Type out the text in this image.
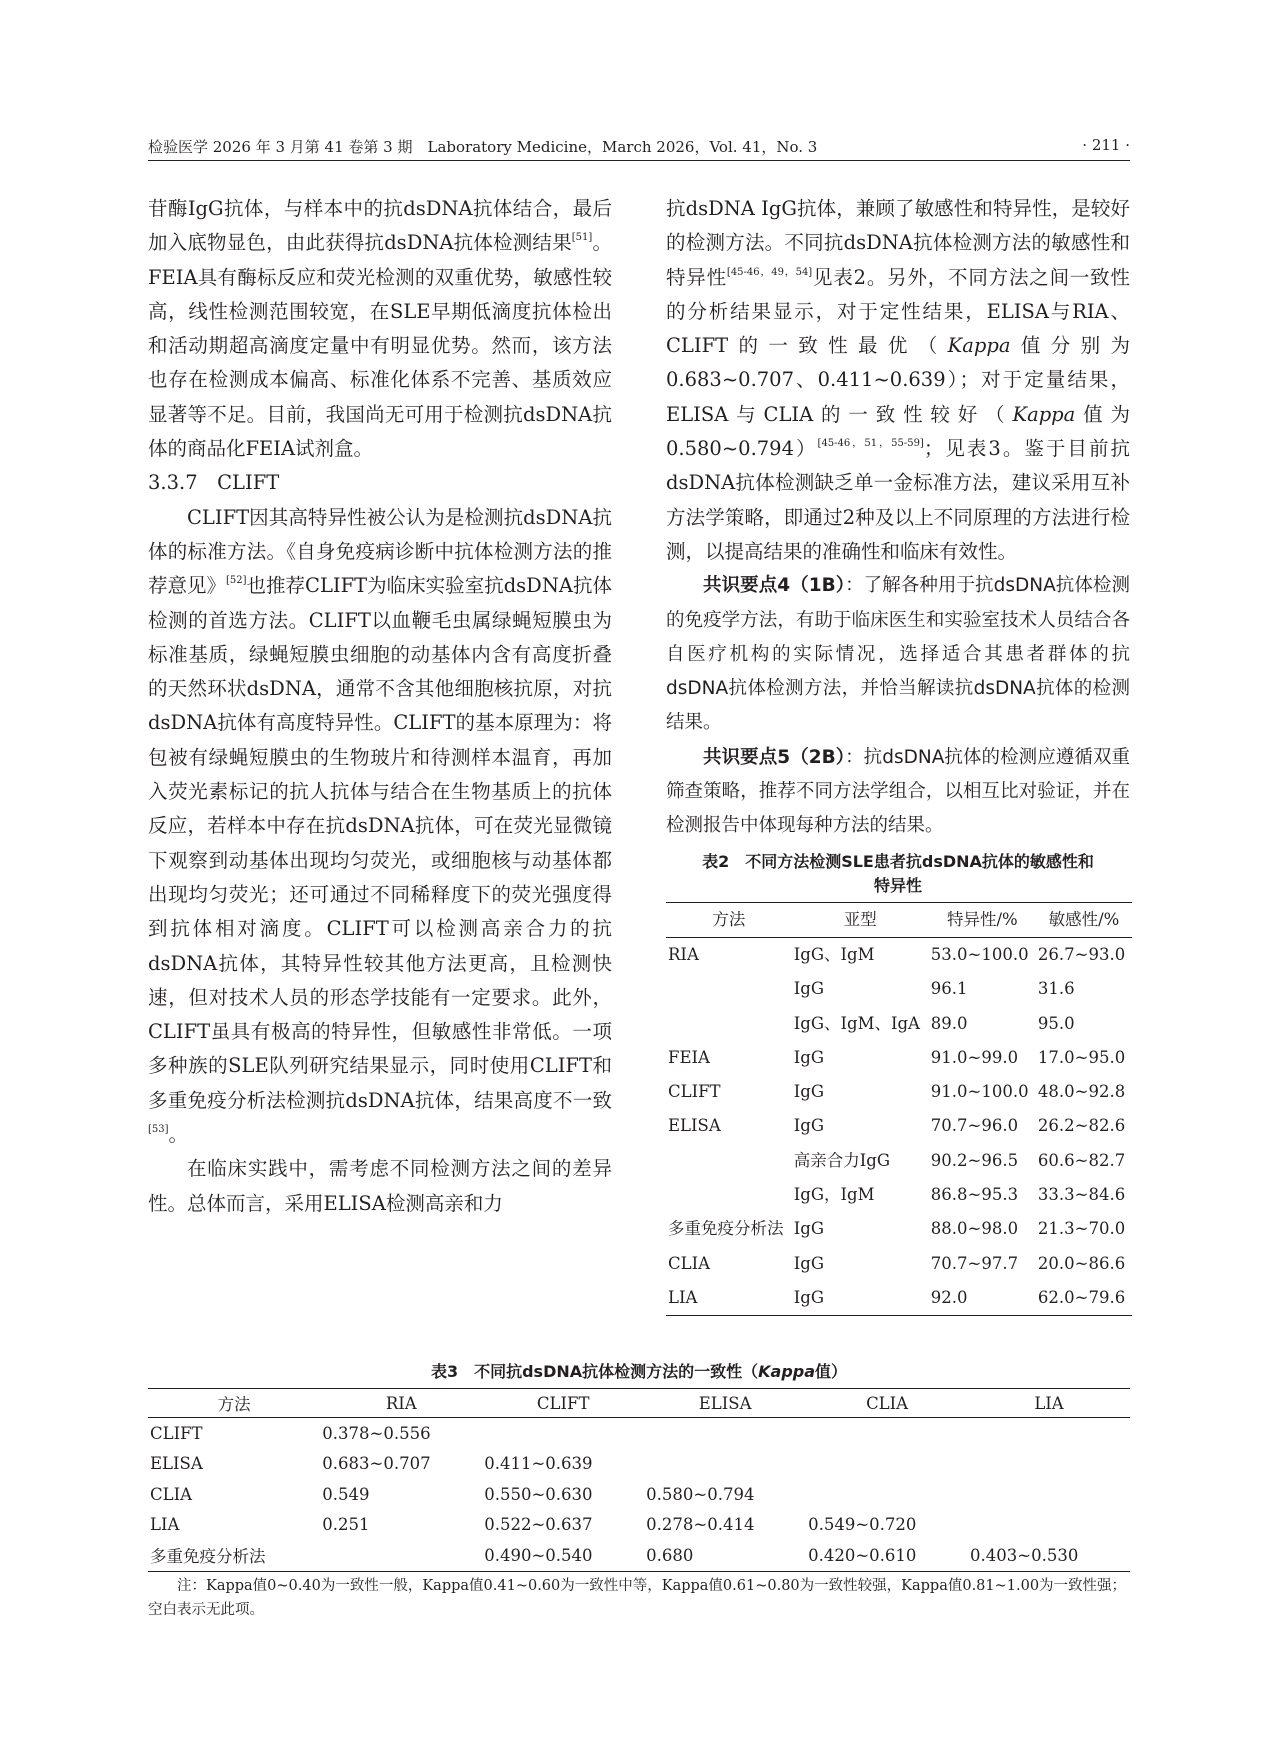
检验医学 2026 年 3 月第 41 卷第 3 期　Laboratory Medicine，March 2026，Vol. 41，No. 3	· 211 ·

苷酶IgG抗体，与样本中的抗dsDNA抗体结合，最后加入底物显色，由此获得抗dsDNA抗体检测结果[51]。FEIA具有酶标反应和荧光检测的双重优势，敏感性较高，线性检测范围较宽，在SLE早期低滴度抗体检出和活动期超高滴度定量中有明显优势。然而，该方法也存在检测成本偏高、标准化体系不完善、基质效应显著等不足。目前，我国尚无可用于检测抗dsDNA抗体的商品化FEIA试剂盒。

3.3.7　CLIFT

CLIFT因其高特异性被公认为是检测抗dsDNA抗体的标准方法。《自身免疫病诊断中抗体检测方法的推荐意见》[52]也推荐CLIFT为临床实验室抗dsDNA抗体检测的首选方法。CLIFT以血鞭毛虫属绿蝇短膜虫为标准基质，绿蝇短膜虫细胞的动基体内含有高度折叠的天然环状dsDNA，通常不含其他细胞核抗原，对抗dsDNA抗体有高度特异性。CLIFT的基本原理为：将包被有绿蝇短膜虫的生物玻片和待测样本温育，再加入荧光素标记的抗人抗体与结合在生物基质上的抗体反应，若样本中存在抗dsDNA抗体，可在荧光显微镜下观察到动基体出现均匀荧光，或细胞核与动基体都出现均匀荧光；还可通过不同稀释度下的荧光强度得到抗体相对滴度。CLIFT可以检测高亲合力的抗dsDNA抗体，其特异性较其他方法更高，且检测快速，但对技术人员的形态学技能有一定要求。此外，CLIFT虽具有极高的特异性，但敏感性非常低。一项多种族的SLE队列研究结果显示，同时使用CLIFT和多重免疫分析法检测抗dsDNA抗体，结果高度不一致[53]。

在临床实践中，需考虑不同检测方法之间的差异性。总体而言，采用ELISA检测高亲和力

抗dsDNA IgG抗体，兼顾了敏感性和特异性，是较好的检测方法。不同抗dsDNA抗体检测方法的敏感性和特异性[45-46，49，54]见表2。另外，不同方法之间一致性的分析结果显示，对于定性结果，ELISA与RIA、CLIFT的一致性最优（Kappa值分别为0.683~0.707、0.411~0.639）；对于定量结果，ELISA与CLIA的一致性较好（Kappa值为0.580~0.794）[45-46，51，55-59]；见表3。鉴于目前抗dsDNA抗体检测缺乏单一金标准方法，建议采用互补方法学策略，即通过2种及以上不同原理的方法进行检测，以提高结果的准确性和临床有效性。

共识要点4（1B）：了解各种用于抗dsDNA抗体检测的免疫学方法，有助于临床医生和实验室技术人员结合各自医疗机构的实际情况，选择适合其患者群体的抗dsDNA抗体检测方法，并恰当解读抗dsDNA抗体的检测结果。

共识要点5（2B）：抗dsDNA抗体的检测应遵循双重筛查策略，推荐不同方法学组合，以相互比对验证，并在检测报告中体现每种方法的结果。

表2　不同方法检测SLE患者抗dsDNA抗体的敏感性和
特异性
方法	亚型	特异性/%	敏感性/%
RIA	IgG、IgM	53.0~100.0	26.7~93.0
	IgG	96.1	31.6
	IgG、IgM、IgA	89.0	95.0
FEIA	IgG	91.0~99.0	17.0~95.0
CLIFT	IgG	91.0~100.0	48.0~92.8
ELISA	IgG	70.7~96.0	26.2~82.6
	高亲合力IgG	90.2~96.5	60.6~82.7
	IgG，IgM	86.8~95.3	33.3~84.6
多重免疫分析法	IgG	88.0~98.0	21.3~70.0
CLIA	IgG	70.7~97.7	20.0~86.6
LIA	IgG	92.0	62.0~79.6
表3　不同抗dsDNA抗体检测方法的一致性（Kappa值）
方法	RIA	CLIFT	ELISA	CLIA	LIA
CLIFT	0.378~0.556				
ELISA	0.683~0.707	0.411~0.639			
CLIA	0.549	0.550~0.630	0.580~0.794		
LIA	0.251	0.522~0.637	0.278~0.414	0.549~0.720	
多重免疫分析法		0.490~0.540	0.680	0.420~0.610	0.403~0.530

注：Kappa值0~0.40为一致性一般，Kappa值0.41~0.60为一致性中等，Kappa值0.61~0.80为一致性较强，Kappa值0.81~1.00为一致性强；空白表示无此项。
